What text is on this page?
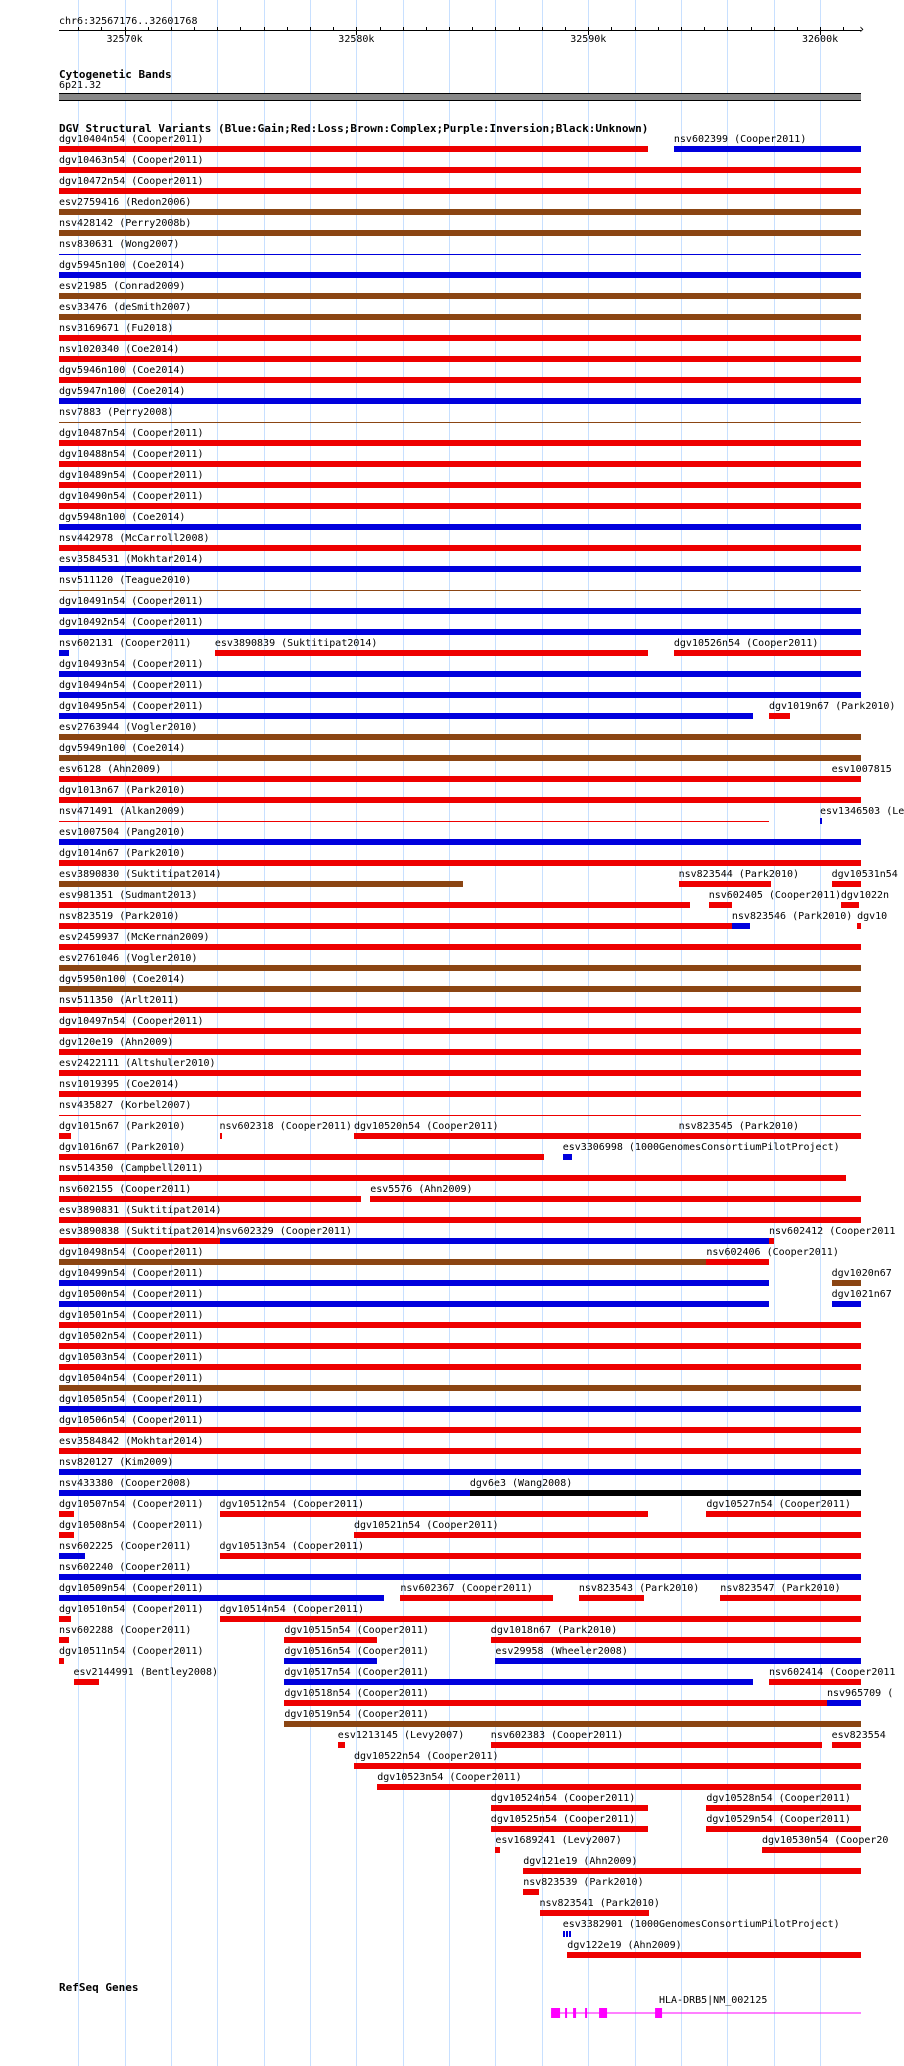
chr6:32567176..32601768
›
32570k	32580k	32590k	32600k
Cytogenetic Bands
6p21.32
DGV Structural Variants (Blue:Gain;Red:Loss;Brown:Complex;Purple:Inversion;Black:Unknown)
dgv10404n54 (Cooper2011)	nsv602399 (Cooper2011)
dgv10463n54 (Cooper2011)
dgv10472n54 (Cooper2011)
esv2759416 (Redon2006)
nsv428142 (Perry2008b)
nsv830631 (Wong2007)
dgv5945n100 (Coe2014)
esv21985 (Conrad2009)
esv33476 (deSmith2007)
nsv3169671 (Fu2018)
nsv1020340 (Coe2014)
dgv5946n100 (Coe2014)
dgv5947n100 (Coe2014)
nsv7883 (Perry2008)
dgv10487n54 (Cooper2011)
dgv10488n54 (Cooper2011)
dgv10489n54 (Cooper2011)
dgv10490n54 (Cooper2011)
dgv5948n100 (Coe2014)
nsv442978 (McCarroll2008)
esv3584531 (Mokhtar2014)
nsv511120 (Teague2010)
dgv10491n54 (Cooper2011)
dgv10492n54 (Cooper2011)
nsv602131 (Cooper2011) esv3890839 (Suktitipat2014)	dgv10526n54 (Cooper2011)
dgv10493n54 (Cooper2011)
dgv10494n54 (Cooper2011)
dgv10495n54 (Cooper2011)	dgv1019n67 (Park2010)
esv2763944 (Vogler2010)
dgv5949n100 (Coe2014)
esv6128 (Ahn2009)	esv1007815
dgv1013n67 (Park2010)
nsv471491 (Alkan2009)	esv1346503 (Le
esv1007504 (Pang2010)
dgv1014n67 (Park2010)
esv3890830 (Suktitipat2014)	nsv823544 (Park2010)	dgv10531n54
esv981351 (Sudmant2013)	nsv602405 (Cooper2011) dgv1022n
nsv823519 (Park2010)	nsv823546 (Park2010) dgv10
esv2459937 (McKernan2009)
esv2761046 (Vogler2010)
dgv5950n100 (Coe2014)
nsv511350 (Arlt2011)
dgv10497n54 (Cooper2011)
dgv120e19 (Ahn2009)
esv2422111 (Altshuler2010)
nsv1019395 (Coe2014)
nsv435827 (Korbel2007)
dgv1015n67 (Park2010)	nsv602318 (Cooper2011) dgv10520n54 (Cooper2011)	nsv823545 (Park2010)
dgv1016n67 (Park2010)	esv3306998 (1000GenomesConsortiumPilotProject)
nsv514350 (Campbell2011)
nsv602155 (Cooper2011)	esv5576 (Ahn2009)
esv3890831 (Suktitipat2014)
esv3890838 (Suktitipat2014)
nsv602329 (Cooper2011)	nsv602412 (Cooper2011
dgv10498n54 (Cooper2011)	nsv602406 (Cooper2011)
dgv10499n54 (Cooper2011)	dgv1020n67
dgv10500n54 (Cooper2011)	dgv1021n67
dgv10501n54 (Cooper2011)
dgv10502n54 (Cooper2011)
dgv10503n54 (Cooper2011)
dgv10504n54 (Cooper2011)
dgv10505n54 (Cooper2011)
dgv10506n54 (Cooper2011)
esv3584842 (Mokhtar2014)
nsv820127 (Kim2009)
nsv433380 (Cooper2008)	dgv6e3 (Wang2008)
dgv10507n54 (Cooper2011) dgv10512n54 (Cooper2011)	dgv10527n54 (Cooper2011)
dgv10508n54 (Cooper2011)	dgv10521n54 (Cooper2011)
nsv602225 (Cooper2011)	dgv10513n54 (Cooper2011)
nsv602240 (Cooper2011)
dgv10509n54 (Cooper2011)	nsv602367 (Cooper2011)	nsv823543 (Park2010) nsv823547 (Park2010)
dgv10510n54 (Cooper2011) dgv10514n54 (Cooper2011)
nsv602288 (Cooper2011)	dgv10515n54 (Cooper2011)	dgv1018n67 (Park2010)
dgv10511n54 (Cooper2011)	dgv10516n54 (Cooper2011)	esv29958 (Wheeler2008)
esv2144991 (Bentley2008)	dgv10517n54 (Cooper2011)	nsv602414 (Cooper2011
dgv10518n54 (Cooper2011)	nsv965709 (
dgv10519n54 (Cooper2011)
esv1213145 (Levy2007)	nsv602383 (Cooper2011)	esv823554
dgv10522n54 (Cooper2011)
dgv10523n54 (Cooper2011)
dgv10524n54 (Cooper2011)	dgv10528n54 (Cooper2011)
dgv10525n54 (Cooper2011)	dgv10529n54 (Cooper2011)
esv1689241 (Levy2007)	dgv10530n54 (Cooper20
dgv121e19 (Ahn2009)
nsv823539 (Park2010)
nsv823541 (Park2010)
esv3382901 (1000GenomesConsortiumPilotProject)
dgv122e19 (Ahn2009)
RefSeq Genes
HLA-DRB5|NM_002125
